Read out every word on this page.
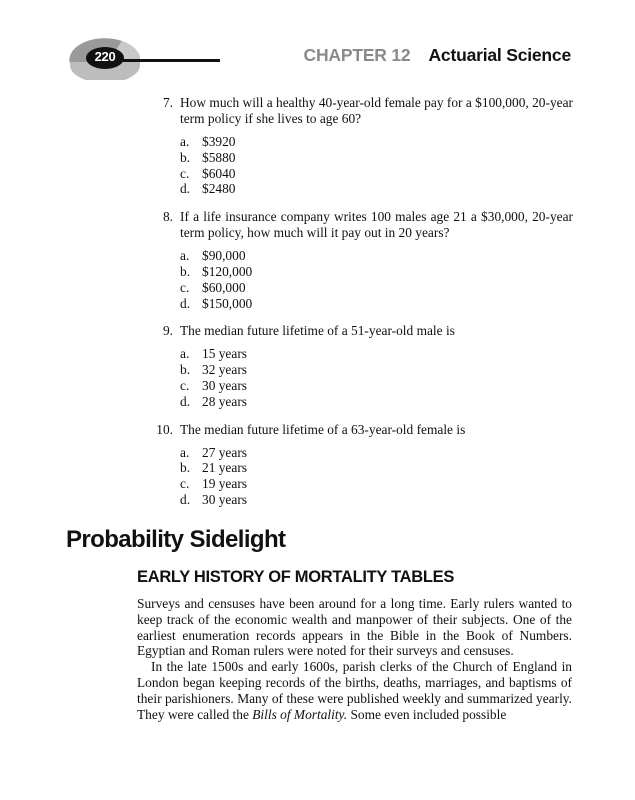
220	CHAPTER 12 Actuarial Science
7. How much will a healthy 40-year-old female pay for a $100,000, 20-year term policy if she lives to age 60?
a. $3920
b. $5880
c. $6040
d. $2480
8. If a life insurance company writes 100 males age 21 a $30,000, 20-year term policy, how much will it pay out in 20 years?
a. $90,000
b. $120,000
c. $60,000
d. $150,000
9. The median future lifetime of a 51-year-old male is
a. 15 years
b. 32 years
c. 30 years
d. 28 years
10. The median future lifetime of a 63-year-old female is
a. 27 years
b. 21 years
c. 19 years
d. 30 years
Probability Sidelight
EARLY HISTORY OF MORTALITY TABLES

Surveys and censuses have been around for a long time. Early rulers wanted to keep track of the economic wealth and manpower of their subjects. One of the earliest enumeration records appears in the Bible in the Book of Numbers. Egyptian and Roman rulers were noted for their surveys and censuses.

In the late 1500s and early 1600s, parish clerks of the Church of England in London began keeping records of the births, deaths, marriages, and baptisms of their parishioners. Many of these were published weekly and summarized yearly. They were called the Bills of Mortality. Some even included possible
